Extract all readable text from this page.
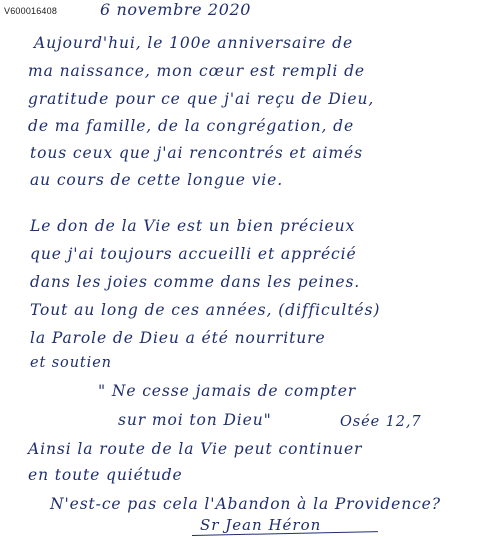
V600016408	6 novembre 2020
Aujourd'hui, le 100e anniversaire de
ma naissance, mon cœur est rempli de
gratitude pour ce que j'ai reçu de Dieu,
de ma famille, de la congrégation, de
tous ceux que j'ai rencontrés et aimés
au cours de cette longue vie.
Le don de la Vie est un bien précieux
que j'ai toujours accueilli et apprécié
dans les joies comme dans les peines.
Tout au long de ces années, (difficultés)
la Parole de Dieu a été nourriture
et soutien
" Ne cesse jamais de compter
sur moi ton Dieu"	Osée 12,7
Ainsi la route de la Vie peut continuer
en toute quiétude
N'est-ce pas cela l'Abandon à la Providence?
Sr Jean Héron
